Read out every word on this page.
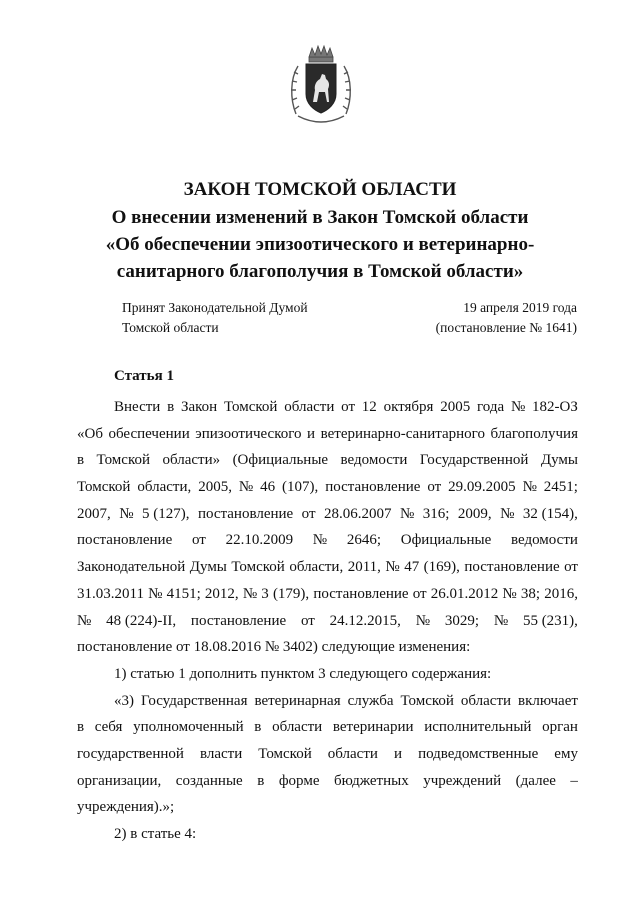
ЗАКОН ТОМСКОЙ ОБЛАСТИ
О внесении изменений в Закон Томской области
«Об обеспечении эпизоотического и ветеринарно-
санитарного благополучия в Томской области»
Принят Законодательной Думой
Томской области
19 апреля 2019 года
(постановление № 1641)
Статья 1
Внести в Закон Томской области от 12 октября 2005 года № 182-ОЗ
«Об обеспечении эпизоотического и ветеринарно-санитарного благополучия
в Томской области» (Официальные ведомости Государственной Думы
Томской области, 2005, № 46 (107), постановление от 29.09.2005 № 2451;
2007, № 5 (127), постановление от 28.06.2007 № 316; 2009, № 32 (154),
постановление от 22.10.2009 № 2646; Официальные ведомости
Законодательной Думы Томской области, 2011, № 47 (169), постановление от
31.03.2011 № 4151; 2012, № 3 (179), постановление от 26.01.2012 № 38; 2016,
№ 48 (224)-II, постановление от 24.12.2015, № 3029; № 55 (231),
постановление от 18.08.2016 № 3402) следующие изменения:
1) статью 1 дополнить пунктом 3 следующего содержания:
«3) Государственная ветеринарная служба Томской области включает
в себя уполномоченный в области ветеринарии исполнительный орган
государственной власти Томской области и подведомственные ему
организации, созданные в форме бюджетных учреждений (далее –
учреждения).»;
2) в статье 4:
